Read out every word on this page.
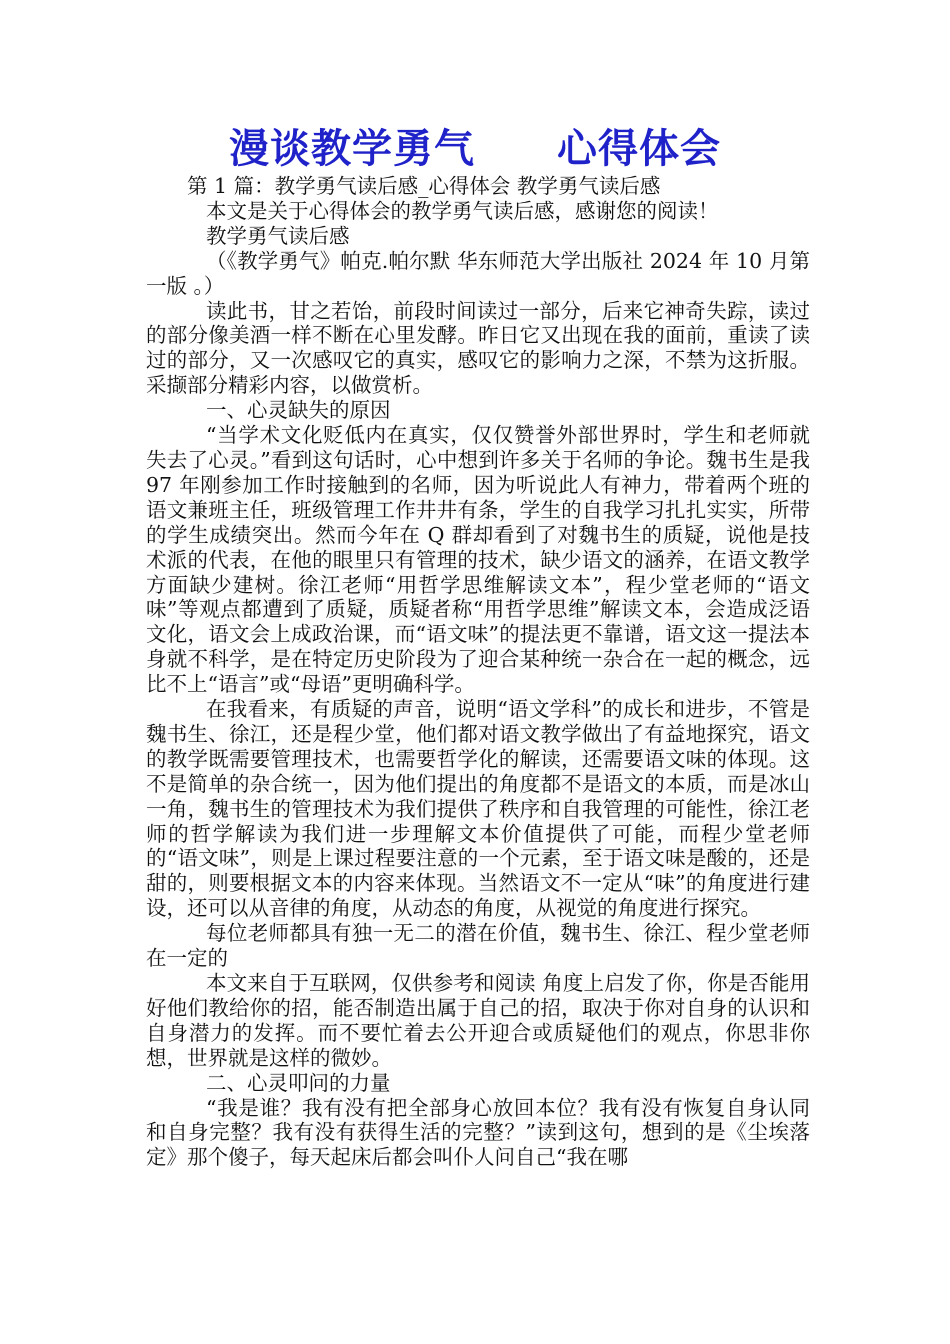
漫谈教学勇气　　心得体会

第 1 篇：教学勇气读后感_心得体会 教学勇气读后感

本文是关于心得体会的教学勇气读后感，感谢您的阅读！

教学勇气读后感

（《教学勇气》帕克.帕尔默 华东师范大学出版社 2024 年 10 月第一版 。）

读此书，甘之若饴，前段时间读过一部分，后来它神奇失踪，读过的部分像美酒一样不断在心里发酵。昨日它又出现在我的面前，重读了读过的部分，又一次感叹它的真实，感叹它的影响力之深，不禁为这折服。采撷部分精彩内容，以做赏析。

一、心灵缺失的原因

“当学术文化贬低内在真实，仅仅赞誉外部世界时，学生和老师就失去了心灵。”看到这句话时，心中想到许多关于名师的争论。魏书生是我 97 年刚参加工作时接触到的名师，因为听说此人有神力，带着两个班的语文兼班主任，班级管理工作井井有条，学生的自我学习扎扎实实，所带的学生成绩突出。然而今年在 Q 群却看到了对魏书生的质疑，说他是技术派的代表，在他的眼里只有管理的技术，缺少语文的涵养，在语文教学方面缺少建树。徐江老师“用哲学思维解读文本”，程少堂老师的“语文味”等观点都遭到了质疑，质疑者称“用哲学思维”解读文本，会造成泛语文化，语文会上成政治课，而“语文味”的提法更不靠谱，语文这一提法本身就不科学，是在特定历史阶段为了迎合某种统一杂合在一起的概念，远比不上“语言”或“母语”更明确科学。

在我看来，有质疑的声音，说明“语文学科”的成长和进步，不管是魏书生、徐江，还是程少堂，他们都对语文教学做出了有益地探究，语文的教学既需要管理技术，也需要哲学化的解读，还需要语文味的体现。这不是简单的杂合统一，因为他们提出的角度都不是语文的本质，而是冰山一角，魏书生的管理技术为我们提供了秩序和自我管理的可能性，徐江老师的哲学解读为我们进一步理解文本价值提供了可能，而程少堂老师的“语文味”，则是上课过程要注意的一个元素，至于语文味是酸的，还是甜的，则要根据文本的内容来体现。当然语文不一定从“味”的角度进行建设，还可以从音律的角度，从动态的角度，从视觉的角度进行探究。

每位老师都具有独一无二的潜在价值，魏书生、徐江、程少堂老师在一定的

本文来自于互联网，仅供参考和阅读 角度上启发了你，你是否能用好他们教给你的招，能否制造出属于自己的招，取决于你对自身的认识和自身潜力的发挥。而不要忙着去公开迎合或质疑他们的观点，你思非你想，世界就是这样的微妙。

二、心灵叩问的力量

“我是谁？我有没有把全部身心放回本位？我有没有恢复自身认同和自身完整？我有没有获得生活的完整？”读到这句，想到的是《尘埃落定》那个傻子，每天起床后都会叫仆人问自己“我在哪
